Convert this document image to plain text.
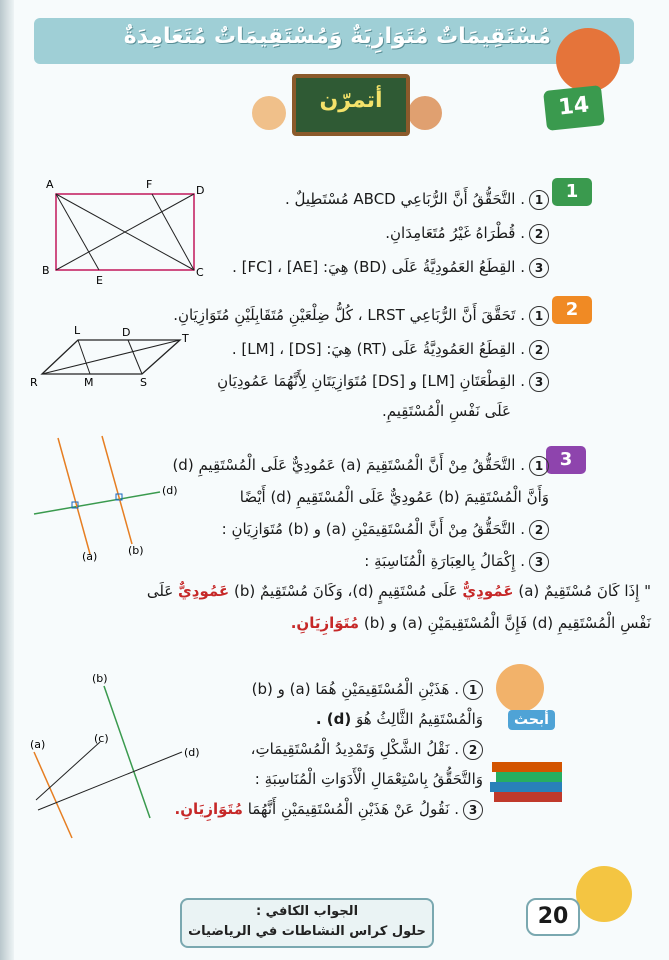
مُسْتَقِيمَاتٌ مُتَوَازِيَةٌ وَمُسْتَقِيمَاتٌ مُتَعَامِدَةٌ
أتمرّن	14
1
1. التَّحَقُّقُ أَنَّ الرُّبَاعِي ABCD مُسْتَطِيلٌ .
2. قُطْرَاهُ غَيْرُ مُتَعَامِدَانِ.
3. القِطَعُ العَمُودِيَّةُ عَلَى (BD) هِيَ: [AE] ، [FC] .
A	F	D
B
E
C
2
1. تَحَقَّقَ أَنَّ الرُّبَاعِي LRST ، كُلُّ ضِلْعَيْنِ مُتَقَابِلَيْنِ مُتَوَازِيَانِ.
2. القِطَعُ العَمُودِيَّةُ عَلَى (RT) هِيَ: [DS] ، [LM] .
3. القِطْعَتَانِ [LM] و [DS] مُتَوَازِيَتَانِ لِأَنَّهُمَا عَمُودِيَانِ
عَلَى نَفْسِ الْمُسْتَقِيمِ.
L	D	T
R	M	S
3
1. التَّحَقُّقُ مِنْ أَنَّ الْمُسْتَقِيمَ (a) عَمُودِيٌّ عَلَى الْمُسْتَقِيمِ (d)
وَأَنَّ الْمُسْتَقِيمَ (b) عَمُودِيٌّ عَلَى الْمُسْتَقِيمِ (d) أَيْضًا
2. التَّحَقُّقُ مِنْ أَنَّ الْمُسْتَقِيمَيْنِ (a) و (b) مُتَوَازِيَانِ :
3. إِكْمَالُ بِالعِبَارَةِ الْمُنَاسِبَةِ :
" إِذَا كَانَ مُسْتَقِيمٌ (a) عَمُودِيٌّ عَلَى مُسْتَقِيمٍ (d)، وَكَانَ مُسْتَقِيمٌ (b) عَمُودِيٌّ عَلَى
نَفْسِ الْمُسْتَقِيمِ (d) فَإِنَّ الْمُسْتَقِيمَيْنِ (a) و (b) مُتَوَازِيَانِ.
(d)
(a)	(b)
أبحث
1. هَذَيْنِ الْمُسْتَقِيمَيْنِ هُمَا (a) و (b)
وَالْمُسْتَقِيمُ الثَّالِثُ هُوَ (d) .
2. نَقْلُ الشَّكْلِ وَتَمْدِيدُ الْمُسْتَقِيمَاتِ،
وَالتَّحَقُّقُ بِاسْتِعْمَالِ الْأَدَوَاتِ الْمُنَاسِبَةِ :
3. نَقُولُ عَنْ هَذَيْنِ الْمُسْتَقِيمَيْنِ أَنَّهُمَا مُتَوَازِيَانِ.
(b)
(a)	(c)
(d)
الجواب الكافي :
حلول كراس النشاطات في الرياضيات
20
